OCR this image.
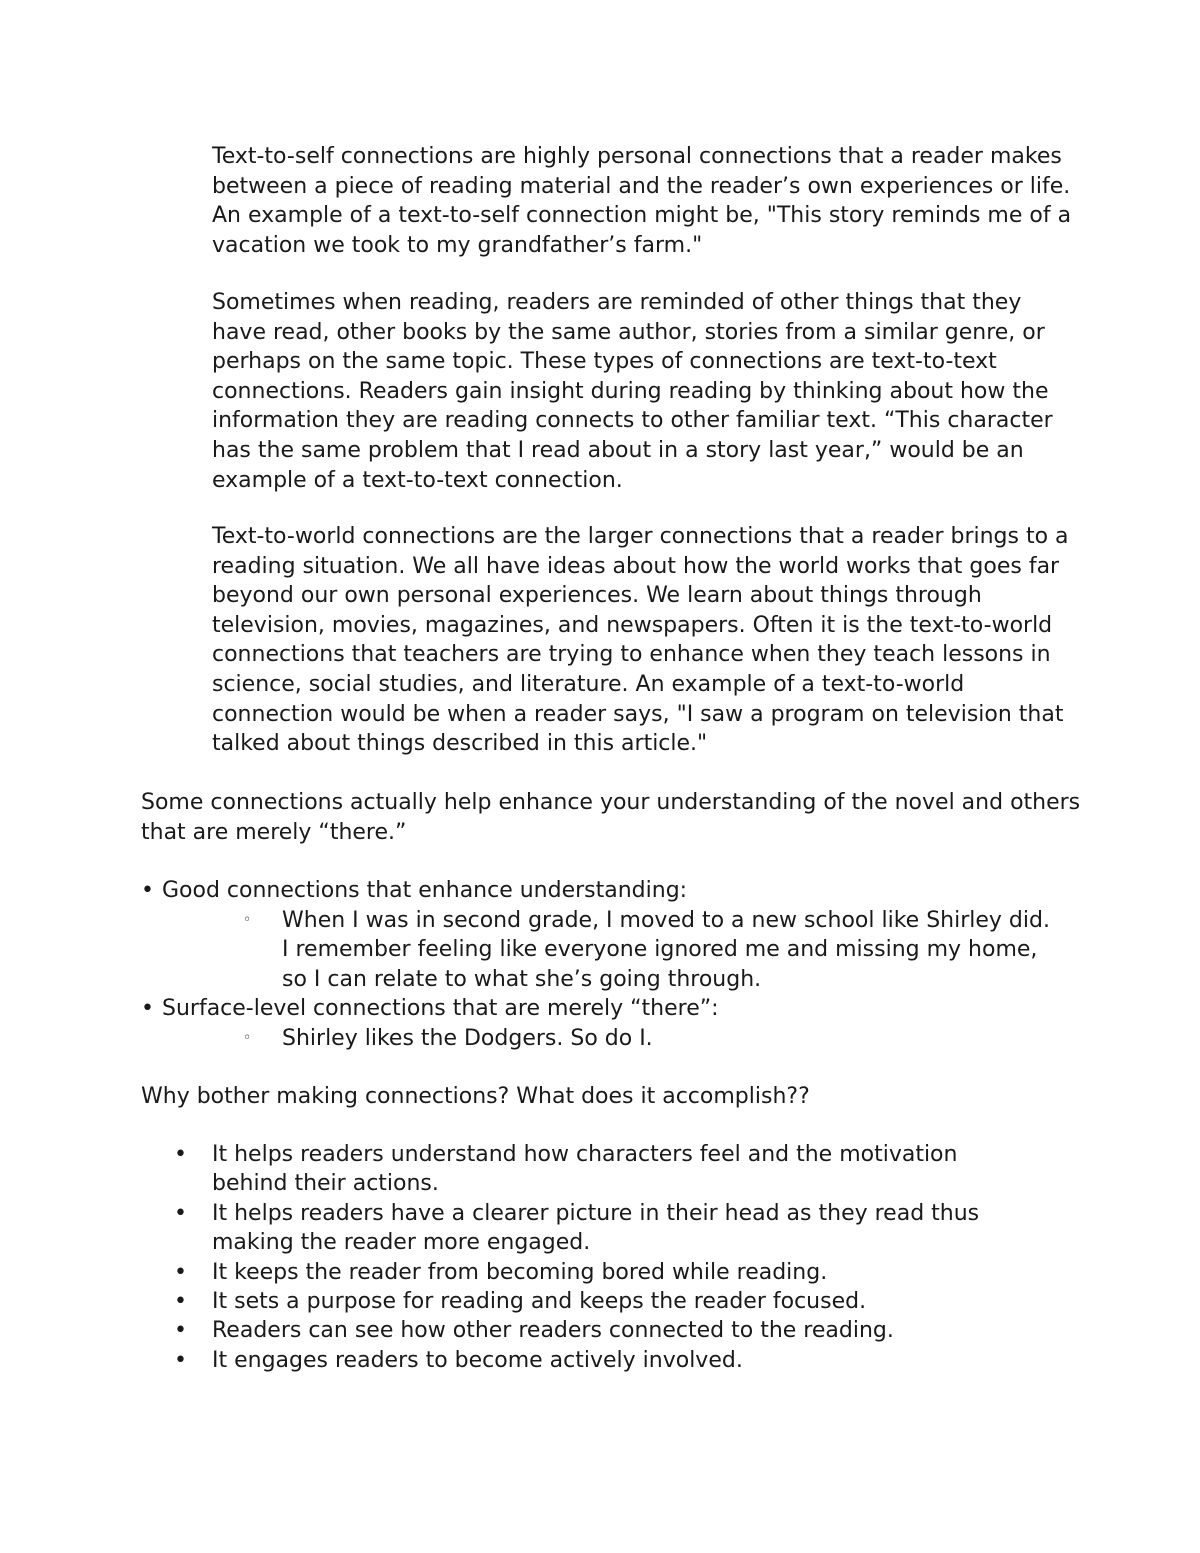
Text-to-self connections are highly personal connections that a reader makes between a piece of reading material and the reader’s own experiences or life. An example of a text-to-self connection might be, "This story reminds me of a vacation we took to my grandfather’s farm."

Sometimes when reading, readers are reminded of other things that they have read, other books by the same author, stories from a similar genre, or perhaps on the same topic. These types of connections are text-to-text connections. Readers gain insight during reading by thinking about how the information they are reading connects to other familiar text. “This character has the same problem that I read about in a story last year,” would be an example of a text-to-text connection.

Text-to-world connections are the larger connections that a reader brings to a reading situation. We all have ideas about how the world works that goes far beyond our own personal experiences. We learn about things through television, movies, magazines, and newspapers. Often it is the text-to-world connections that teachers are trying to enhance when they teach lessons in science, social studies, and literature. An example of a text-to-world connection would be when a reader says, "I saw a program on television that talked about things described in this article."

Some connections actually help enhance your understanding of the novel and others that are merely “there.”

• Good connections that enhance understanding:
◦ When I was in second grade, I moved to a new school like Shirley did. I remember feeling like everyone ignored me and missing my home, so I can relate to what she’s going through.
• Surface-level connections that are merely “there”:
◦ Shirley likes the Dodgers. So do I.

Why bother making connections? What does it accomplish??

• It helps readers understand how characters feel and the motivation behind their actions.
• It helps readers have a clearer picture in their head as they read thus making the reader more engaged.
• It keeps the reader from becoming bored while reading.
• It sets a purpose for reading and keeps the reader focused.
• Readers can see how other readers connected to the reading.
• It engages readers to become actively involved.
